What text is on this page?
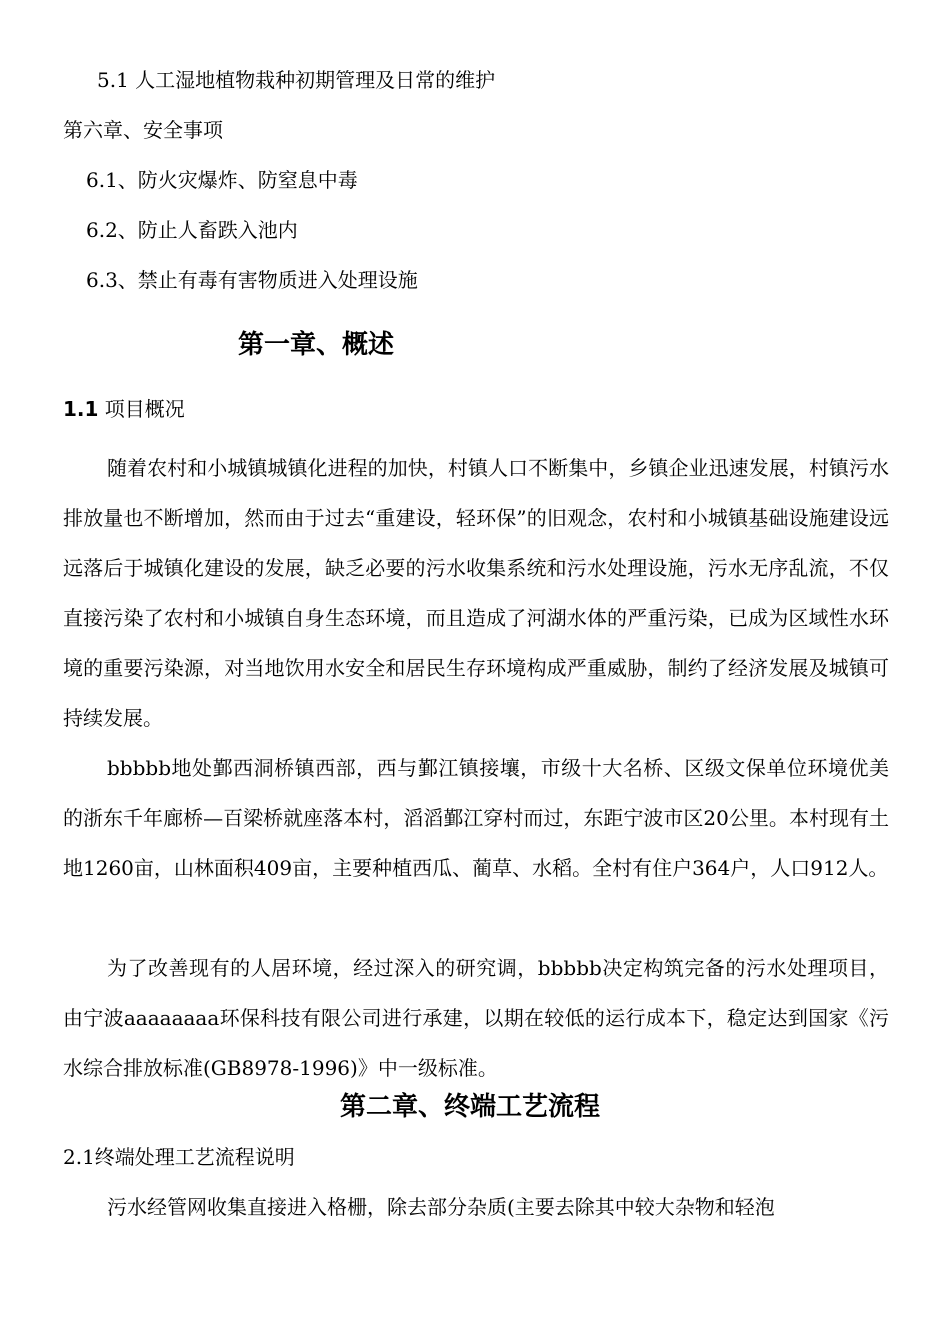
5.1 人工湿地植物栽种初期管理及日常的维护
第六章、安全事项
6.1、防火灾爆炸、防窒息中毒
6.2、防止人畜跌入池内
6.3、禁止有毒有害物质进入处理设施
第一章、概述
1.1 项目概况
随着农村和小城镇城镇化进程的加快，村镇人口不断集中，乡镇企业迅速发展，村镇污水排放量也不断增加，然而由于过去“重建设，轻环保”的旧观念，农村和小城镇基础设施建设远远落后于城镇化建设的发展，缺乏必要的污水收集系统和污水处理设施，污水无序乱流，不仅直接污染了农村和小城镇自身生态环境，而且造成了河湖水体的严重污染，已成为区域性水环境的重要污染源，对当地饮用水安全和居民生存环境构成严重威胁，制约了经济发展及城镇可持续发展。
bbbbb地处鄞西洞桥镇西部，西与鄞江镇接壤，市级十大名桥、区级文保单位环境优美的浙东千年廊桥—百梁桥就座落本村，滔滔鄞江穿村而过，东距宁波市区20公里。本村现有土地1260亩，山林面积409亩，主要种植西瓜、蔺草、水稻。全村有住户364户，人口912人。
为了改善现有的人居环境，经过深入的研究调，bbbbb决定构筑完备的污水处理项目，由宁波aaaaaaaa环保科技有限公司进行承建，以期在较低的运行成本下，稳定达到国家《污水综合排放标准(GB8978-1996)》中一级标准。
第二章、终端工艺流程
2.1终端处理工艺流程说明
污水经管网收集直接进入格栅，除去部分杂质(主要去除其中较大杂物和轻泡
